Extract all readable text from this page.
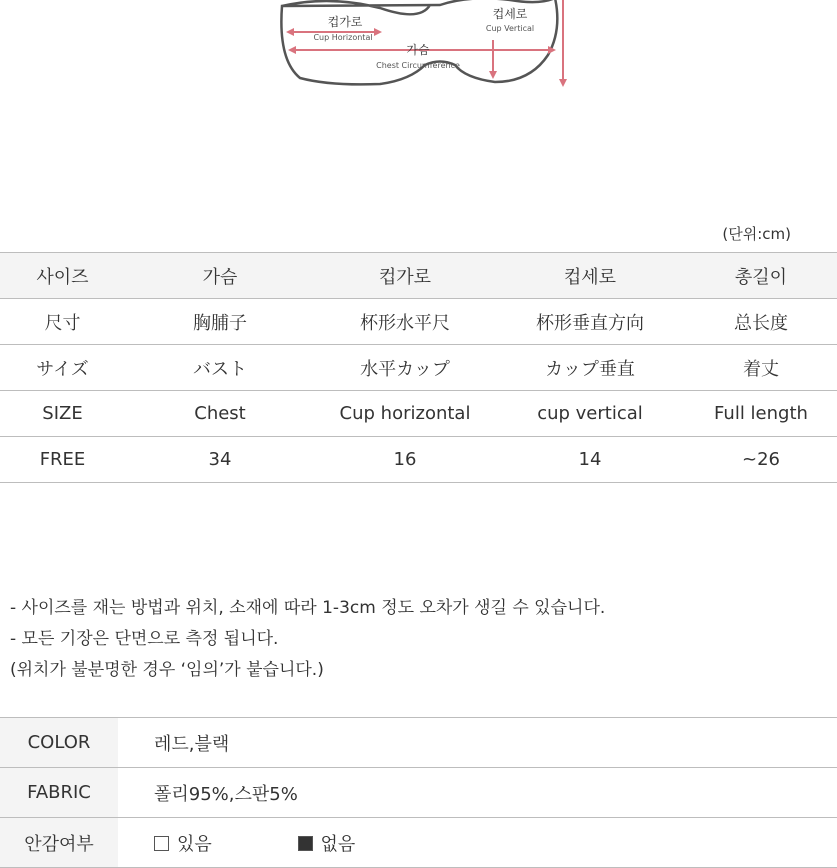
컵가로
Cup Horizontal
가슴
Chest Circumference
컵세로
Cup Vertical
(단위:cm)
사이즈	가슴	컵가로	컵세로	총길이
尺寸	胸脯子	杯形水平尺	杯形垂直方向	总长度
サイズ	バスト	水平カップ	カップ垂直	着丈
SIZE	Chest	Cup horizontal	cup vertical	Full length
FREE	34	16	14	~26
- 사이즈를 재는 방법과 위치, 소재에 따라 1-3cm 정도 오차가 생길 수 있습니다.
- 모든 기장은 단면으로 측정 됩니다.
(위치가 불분명한 경우 ‘임의’가 붙습니다.)
COLOR	레드,블랙
FABRIC	폴리95%,스판5%
안감여부	있음 없음
